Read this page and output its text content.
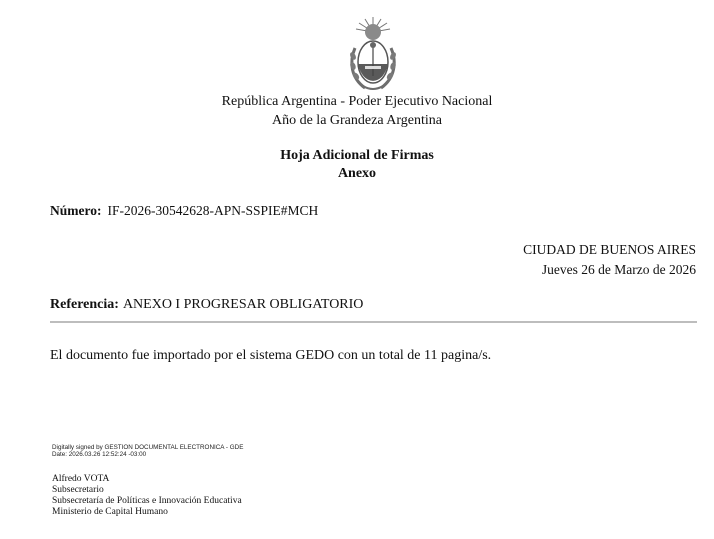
República Argentina - Poder Ejecutivo Nacional
Año de la Grandeza Argentina
Hoja Adicional de Firmas
Anexo
Número: IF-2026-30542628-APN-SSPIE#MCH
CIUDAD DE BUENOS AIRES
Jueves 26 de Marzo de 2026
Referencia: ANEXO I PROGRESAR OBLIGATORIO
El documento fue importado por el sistema GEDO con un total de 11 pagina/s.
Digitally signed by GESTION DOCUMENTAL ELECTRONICA - GDE
Date: 2026.03.26 12:52:24 -03:00
Alfredo VOTA
Subsecretario
Subsecretaría de Políticas e Innovación Educativa
Ministerio de Capital Humano
